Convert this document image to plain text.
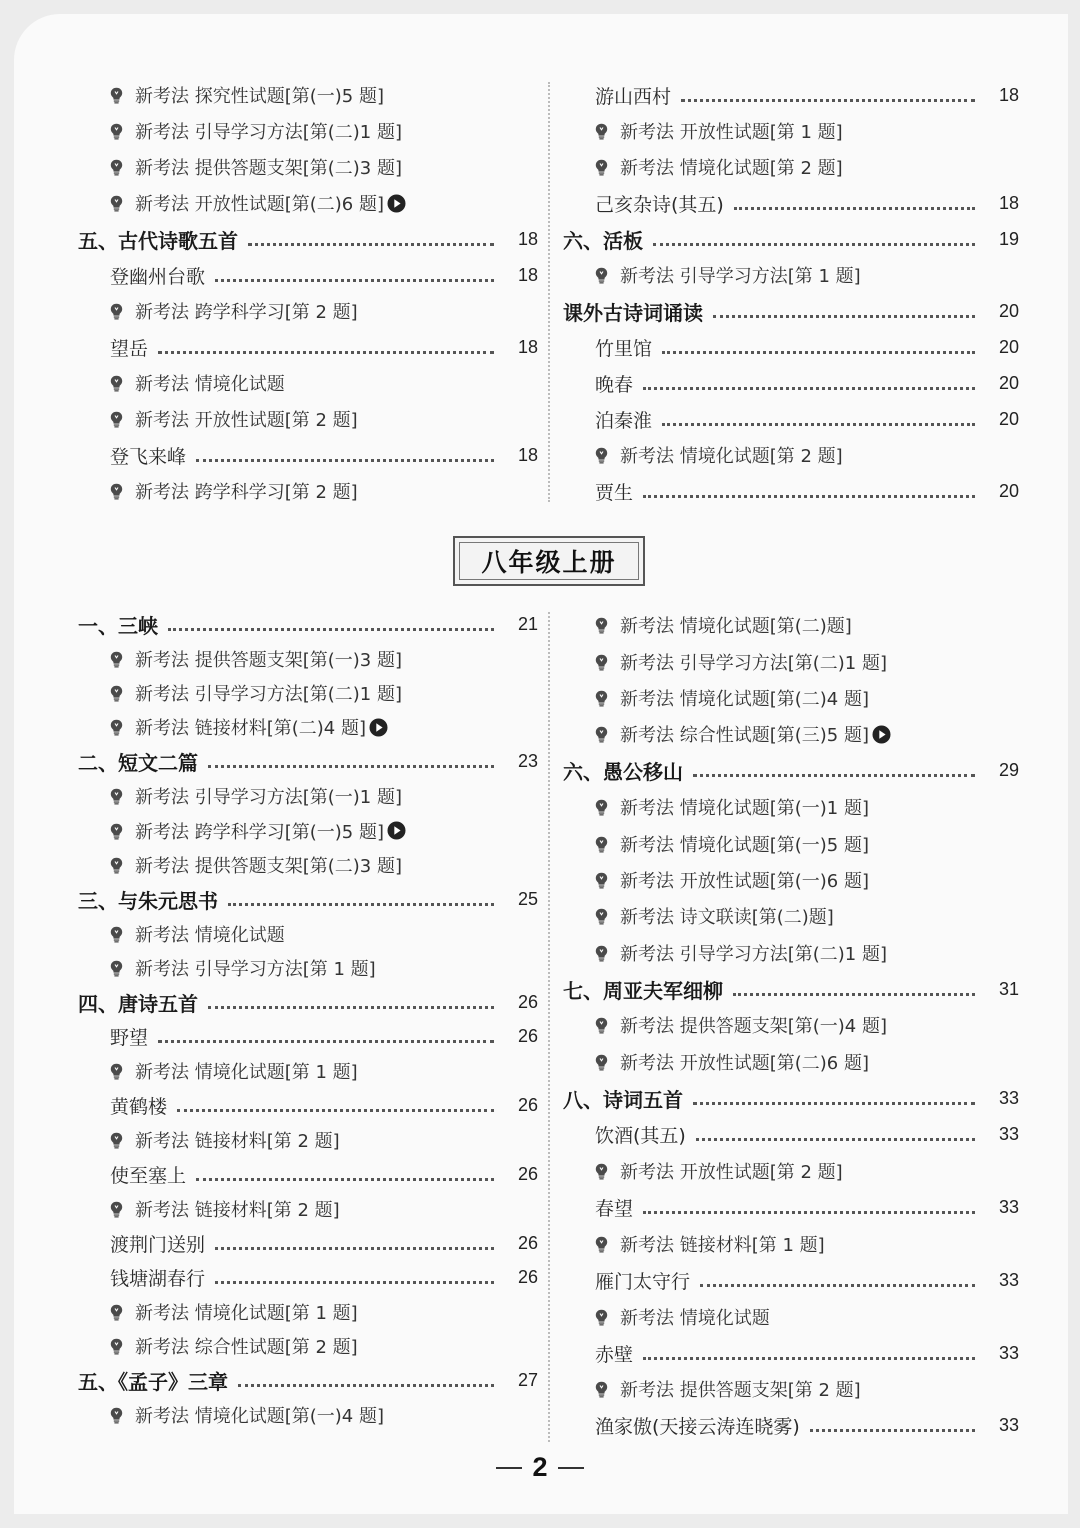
新考法 探究性试题[第(一)5 题]
新考法 引导学习方法[第(二)1 题]
新考法 提供答题支架[第(二)3 题]
新考法 开放性试题[第(二)6 题]
五、古代诗歌五首	18
登幽州台歌	18
新考法 跨学科学习[第 2 题]
望岳	18
新考法 情境化试题
新考法 开放性试题[第 2 题]
登飞来峰	18
新考法 跨学科学习[第 2 题]
游山西村	18
新考法 开放性试题[第 1 题]
新考法 情境化试题[第 2 题]
己亥杂诗(其五)	18
六、活板	19
新考法 引导学习方法[第 1 题]
课外古诗词诵读	20
竹里馆	20
晚春	20
泊秦淮	20
新考法 情境化试题[第 2 题]
贾生	20
八年级上册
一、三峡	21
新考法 提供答题支架[第(一)3 题]
新考法 引导学习方法[第(二)1 题]
新考法 链接材料[第(二)4 题]
二、短文二篇	23
新考法 引导学习方法[第(一)1 题]
新考法 跨学科学习[第(一)5 题]
新考法 提供答题支架[第(二)3 题]
三、与朱元思书	25
新考法 情境化试题
新考法 引导学习方法[第 1 题]
四、唐诗五首	26
野望	26
新考法 情境化试题[第 1 题]
黄鹤楼	26
新考法 链接材料[第 2 题]
使至塞上	26
新考法 链接材料[第 2 题]
渡荆门送别	26
钱塘湖春行	26
新考法 情境化试题[第 1 题]
新考法 综合性试题[第 2 题]
五、《孟子》三章	27
新考法 情境化试题[第(一)4 题]
新考法 情境化试题[第(二)题]
新考法 引导学习方法[第(二)1 题]
新考法 情境化试题[第(二)4 题]
新考法 综合性试题[第(三)5 题]
六、愚公移山	29
新考法 情境化试题[第(一)1 题]
新考法 情境化试题[第(一)5 题]
新考法 开放性试题[第(一)6 题]
新考法 诗文联读[第(二)题]
新考法 引导学习方法[第(二)1 题]
七、周亚夫军细柳	31
新考法 提供答题支架[第(一)4 题]
新考法 开放性试题[第(二)6 题]
八、诗词五首	33
饮酒(其五)	33
新考法 开放性试题[第 2 题]
春望	33
新考法 链接材料[第 1 题]
雁门太守行	33
新考法 情境化试题
赤壁	33
新考法 提供答题支架[第 2 题]
渔家傲(天接云涛连晓雾)	33
2
